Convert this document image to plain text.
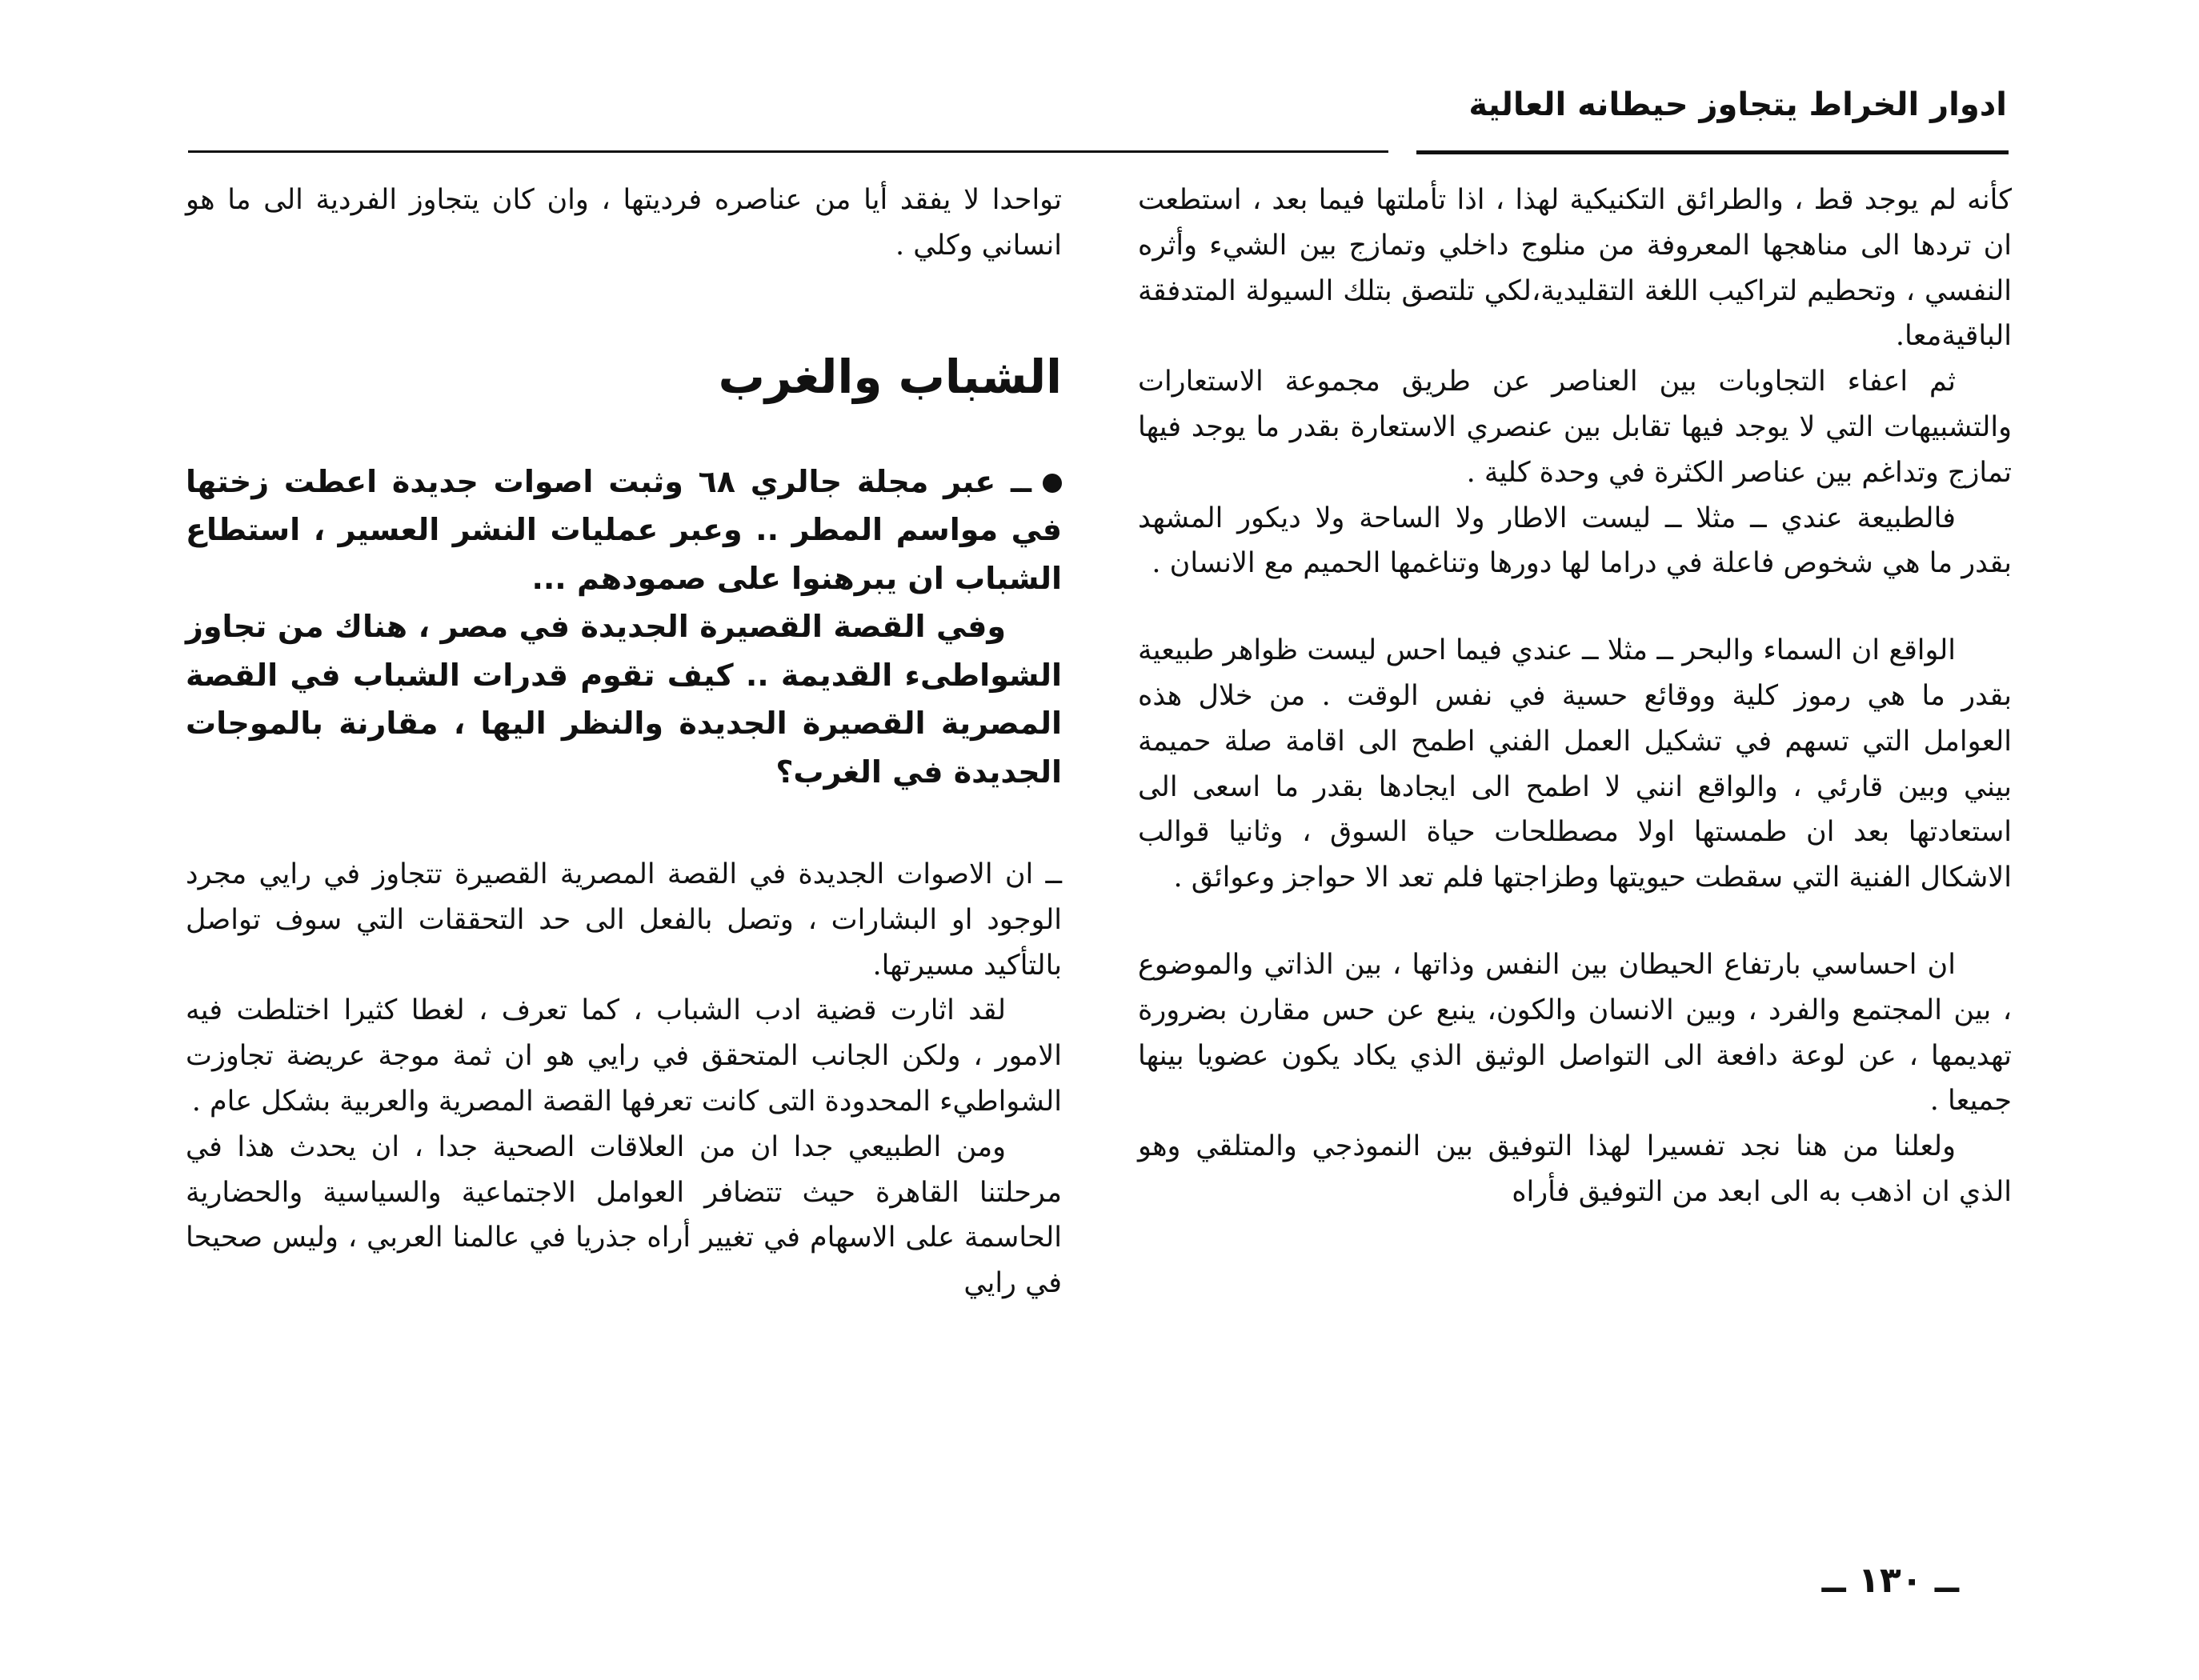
ادوار الخراط يتجاوز حيطانه العالية

كأنه لم يوجد قط ، والطرائق التكنيكية لهذا ، اذا تأملتها فيما بعد ، استطعت ان تردها الى مناهجها المعروفة من منلوج داخلي وتمازج بين الشيء وأثره النفسي ، وتحطيم لتراكيب اللغة التقليدية،لكي تلتصق بتلك السيولة المتدفقة الباقيةمعا.

ثم اعفاء التجاوبات بين العناصر عن طريق مجموعة الاستعارات والتشبيهات التي لا يوجد فيها تقابل بين عنصري الاستعارة بقدر ما يوجد فيها تمازج وتداغم بين عناصر الكثرة في وحدة كلية .

فالطبيعة عندي ــ مثلا ــ ليست الاطار ولا الساحة ولا ديكور المشهد بقدر ما هي شخوص فاعلة في دراما لها دورها وتناغمها الحميم مع الانسان .

الواقع ان السماء والبحر ــ مثلا ــ عندي فيما احس ليست ظواهر طبيعية بقدر ما هي رموز كلية ووقائع حسية في نفس الوقت . من خلال هذه العوامل التي تسهم في تشكيل العمل الفني اطمح الى اقامة صلة حميمة بيني وبين قارئي ، والواقع انني لا اطمح الى ايجادها بقدر ما اسعى الى استعادتها بعد ان طمستها اولا مصطلحات حياة السوق ، وثانيا قوالب الاشكال الفنية التي سقطت حيويتها وطزاجتها فلم تعد الا حواجز وعوائق .

ان احساسي بارتفاع الحيطان بين النفس وذاتها ، بين الذاتي والموضوع ، بين المجتمع والفرد ، وبين الانسان والكون، ينبع عن حس مقارن بضرورة تهديمها ، عن لوعة دافعة الى التواصل الوثيق الذي يكاد يكون عضويا بينها جميعا .

ولعلنا من هنا نجد تفسيرا لهذا التوفيق بين النموذجي والمتلقي وهو الذي ان اذهب به الى ابعد من التوفيق فأراه

تواحدا لا يفقد أيا من عناصره فرديتها ، وان كان يتجاوز الفردية الى ما هو انساني وكلي .

الشباب والغرب

ــ عبر مجلة جالري ٦٨ وثبت اصوات جديدة اعطت زختها في مواسم المطر .. وعبر عمليات النشر العسير ، استطاع الشباب ان يبرهنوا على صمودهم ...

وفي القصة القصيرة الجديدة في مصر ، هناك من تجاوز الشواطىء القديمة .. كيف تقوم قدرات الشباب في القصة المصرية القصيرة الجديدة والنظر اليها ، مقارنة بالموجات الجديدة في الغرب؟

ــ ان الاصوات الجديدة في القصة المصرية القصيرة تتجاوز في رايي مجرد الوجود او البشارات ، وتصل بالفعل الى حد التحققات التي سوف تواصل بالتأكيد مسيرتها.

لقد اثارت قضية ادب الشباب ، كما تعرف ، لغطا كثيرا اختلطت فيه الامور ، ولكن الجانب المتحقق في رايي هو ان ثمة موجة عريضة تجاوزت الشواطيء المحدودة التى كانت تعرفها القصة المصرية والعربية بشكل عام .

ومن الطبيعي جدا ان من العلاقات الصحية جدا ، ان يحدث هذا في مرحلتنا القاهرة حيث تتضافر العوامل الاجتماعية والسياسية والحضارية الحاسمة على الاسهام في تغيير أراه جذريا في عالمنا العربي ، وليس صحيحا في رايي

ــ ١٣٠ ــ
